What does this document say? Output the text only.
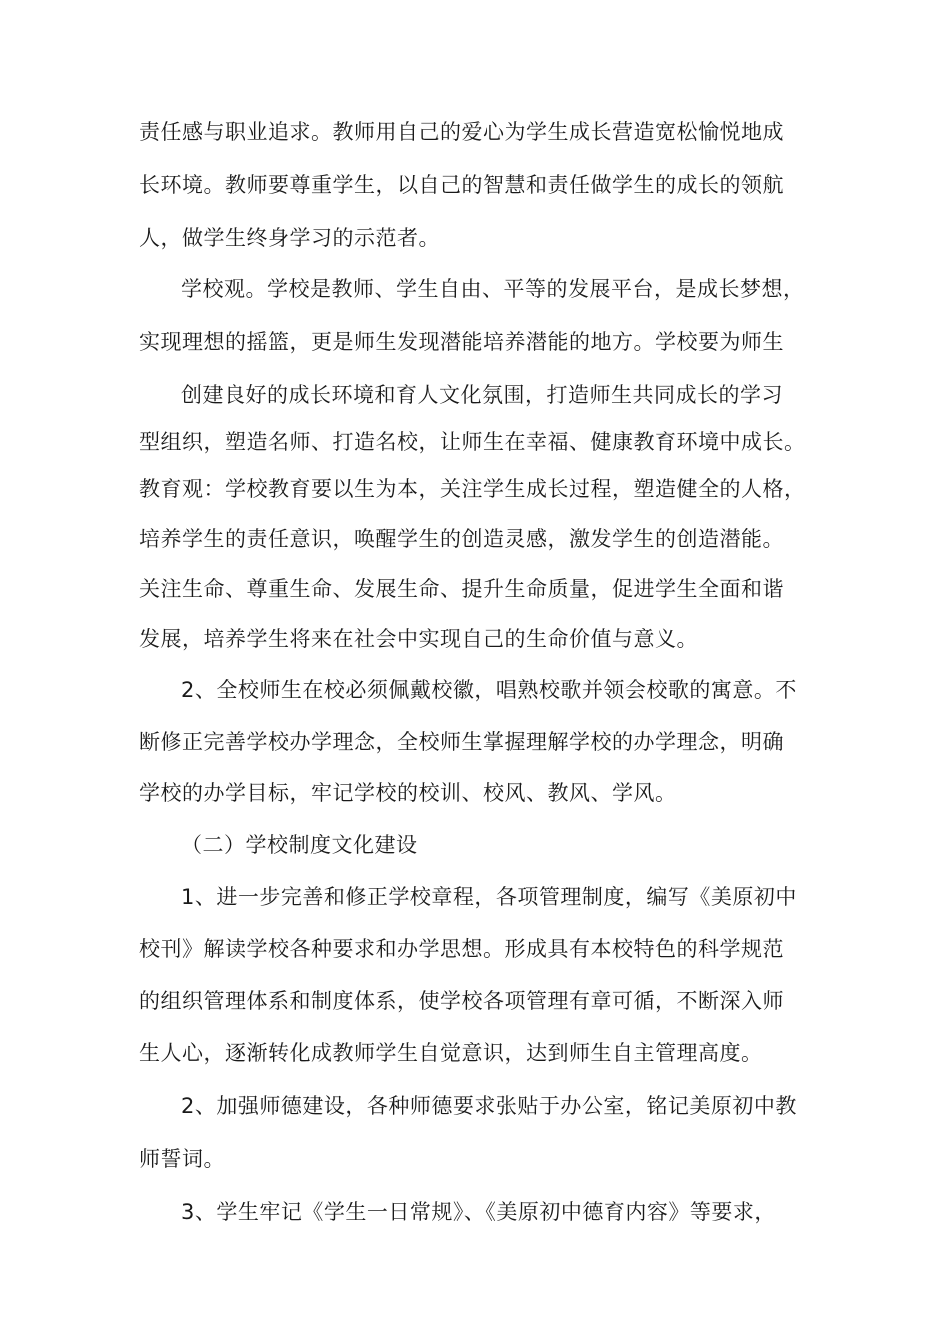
责任感与职业追求。教师用自己的爱心为学生成长营造宽松愉悦地成
长环境。教师要尊重学生，以自己的智慧和责任做学生的成长的领航
人，做学生终身学习的示范者。
学校观。学校是教师、学生自由、平等的发展平台，是成长梦想，
实现理想的摇篮，更是师生发现潜能培养潜能的地方。学校要为师生
创建良好的成长环境和育人文化氛围，打造师生共同成长的学习
型组织，塑造名师、打造名校，让师生在幸福、健康教育环境中成长。
教育观：学校教育要以生为本，关注学生成长过程，塑造健全的人格，
培养学生的责任意识，唤醒学生的创造灵感，激发学生的创造潜能。
关注生命、尊重生命、发展生命、提升生命质量，促进学生全面和谐
发展，培养学生将来在社会中实现自己的生命价值与意义。
2、全校师生在校必须佩戴校徽，唱熟校歌并领会校歌的寓意。不
断修正完善学校办学理念，全校师生掌握理解学校的办学理念，明确
学校的办学目标，牢记学校的校训、校风、教风、学风。
（二）学校制度文化建设
1、进一步完善和修正学校章程，各项管理制度，编写《美原初中
校刊》解读学校各种要求和办学思想。形成具有本校特色的科学规范
的组织管理体系和制度体系，使学校各项管理有章可循，不断深入师
生人心，逐渐转化成教师学生自觉意识，达到师生自主管理高度。
2、加强师德建设，各种师德要求张贴于办公室，铭记美原初中教
师誓词。
3、学生牢记《学生一日常规》、《美原初中德育内容》等要求，
